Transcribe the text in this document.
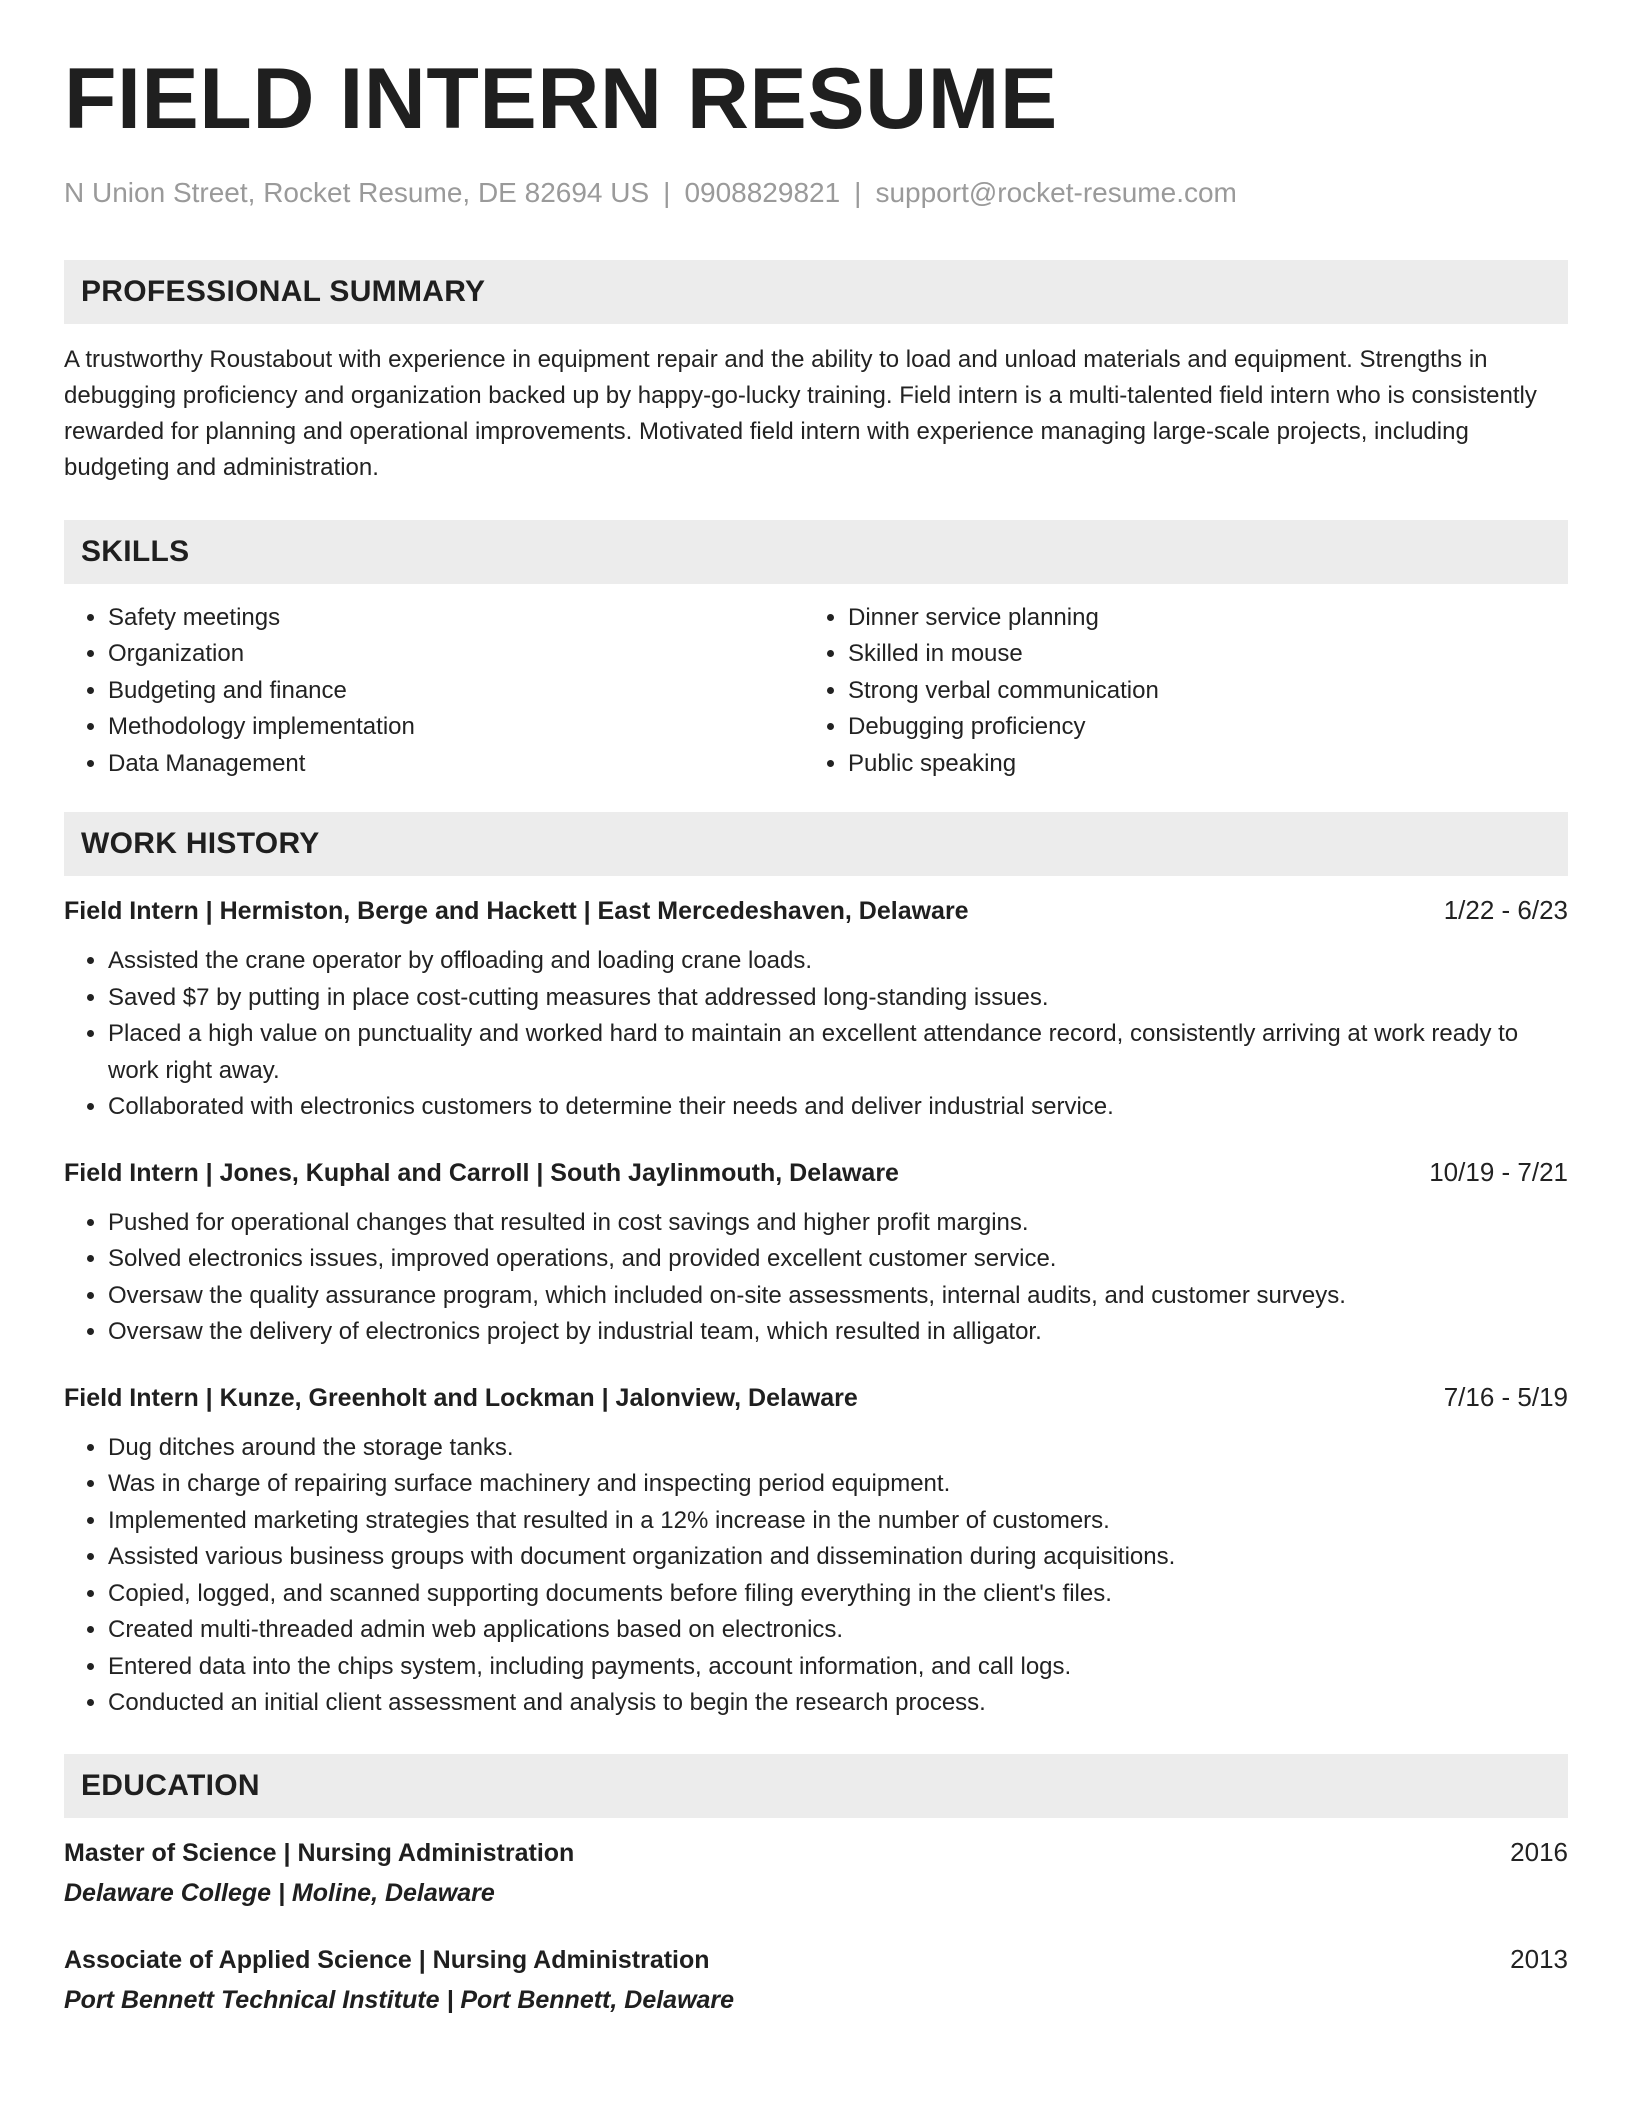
FIELD INTERN RESUME
N Union Street, Rocket Resume, DE 82694 US | 0908829821 | support@rocket-resume.com
PROFESSIONAL SUMMARY
A trustworthy Roustabout with experience in equipment repair and the ability to load and unload materials and equipment. Strengths in debugging proficiency and organization backed up by happy-go-lucky training. Field intern is a multi-talented field intern who is consistently rewarded for planning and operational improvements. Motivated field intern with experience managing large-scale projects, including budgeting and administration.
SKILLS
• Safety meetings
• Organization
• Budgeting and finance
• Methodology implementation
• Data Management
• Dinner service planning
• Skilled in mouse
• Strong verbal communication
• Debugging proficiency
• Public speaking
WORK HISTORY
Field Intern | Hermiston, Berge and Hackett | East Mercedeshaven, Delaware	1/22 - 6/23
• Assisted the crane operator by offloading and loading crane loads.
• Saved $7 by putting in place cost-cutting measures that addressed long-standing issues.
• Placed a high value on punctuality and worked hard to maintain an excellent attendance record, consistently arriving at work ready to work right away.
• Collaborated with electronics customers to determine their needs and deliver industrial service.
Field Intern | Jones, Kuphal and Carroll | South Jaylinmouth, Delaware	10/19 - 7/21
• Pushed for operational changes that resulted in cost savings and higher profit margins.
• Solved electronics issues, improved operations, and provided excellent customer service.
• Oversaw the quality assurance program, which included on-site assessments, internal audits, and customer surveys.
• Oversaw the delivery of electronics project by industrial team, which resulted in alligator.
Field Intern | Kunze, Greenholt and Lockman | Jalonview, Delaware	7/16 - 5/19
• Dug ditches around the storage tanks.
• Was in charge of repairing surface machinery and inspecting period equipment.
• Implemented marketing strategies that resulted in a 12% increase in the number of customers.
• Assisted various business groups with document organization and dissemination during acquisitions.
• Copied, logged, and scanned supporting documents before filing everything in the client's files.
• Created multi-threaded admin web applications based on electronics.
• Entered data into the chips system, including payments, account information, and call logs.
• Conducted an initial client assessment and analysis to begin the research process.
EDUCATION
Master of Science | Nursing Administration	2016
Delaware College | Moline, Delaware
Associate of Applied Science | Nursing Administration	2013
Port Bennett Technical Institute | Port Bennett, Delaware
